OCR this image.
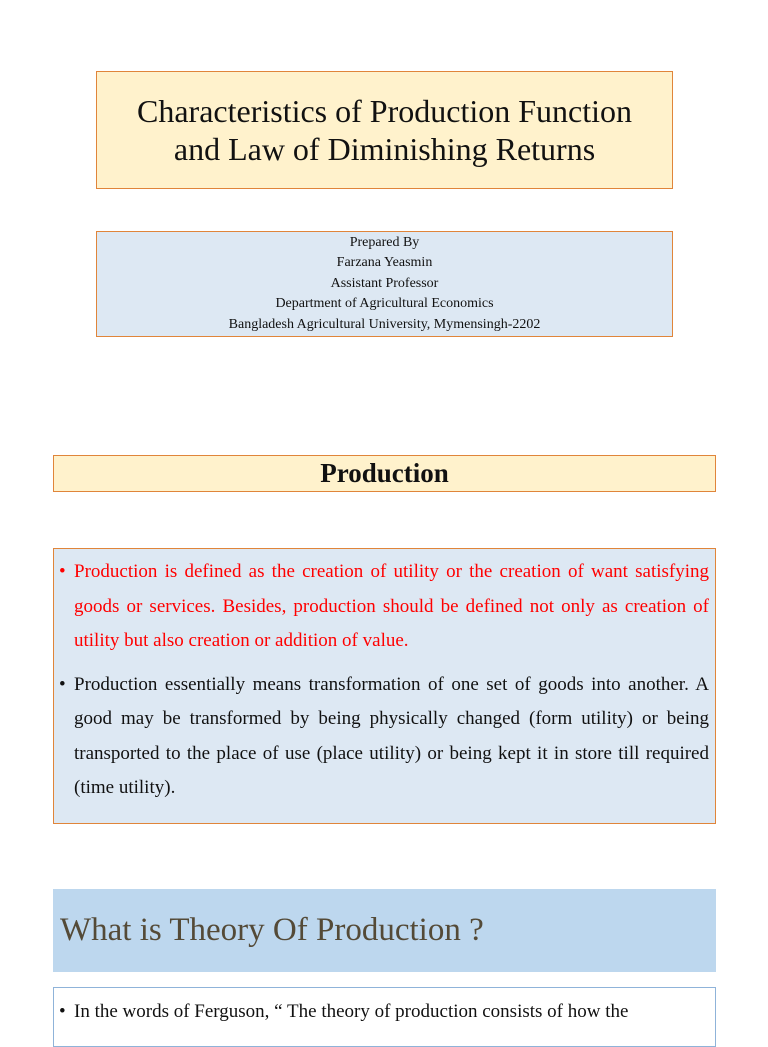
Characteristics of Production Function
and Law of Diminishing Returns
Prepared By
Farzana Yeasmin
Assistant Professor
Department of Agricultural Economics
Bangladesh Agricultural University, Mymensingh-2202
Production

• Production is defined as the creation of utility or the creation of want satisfying goods or services. Besides, production should be defined not only as creation of utility but also creation or addition of value.

• Production essentially means transformation of one set of goods into another. A good may be transformed by being physically changed (form utility) or being transported to the place of use (place utility) or being kept it in store till required (time utility).

What is Theory Of Production ?

• In the words of Ferguson, “ The theory of production consists of how the
